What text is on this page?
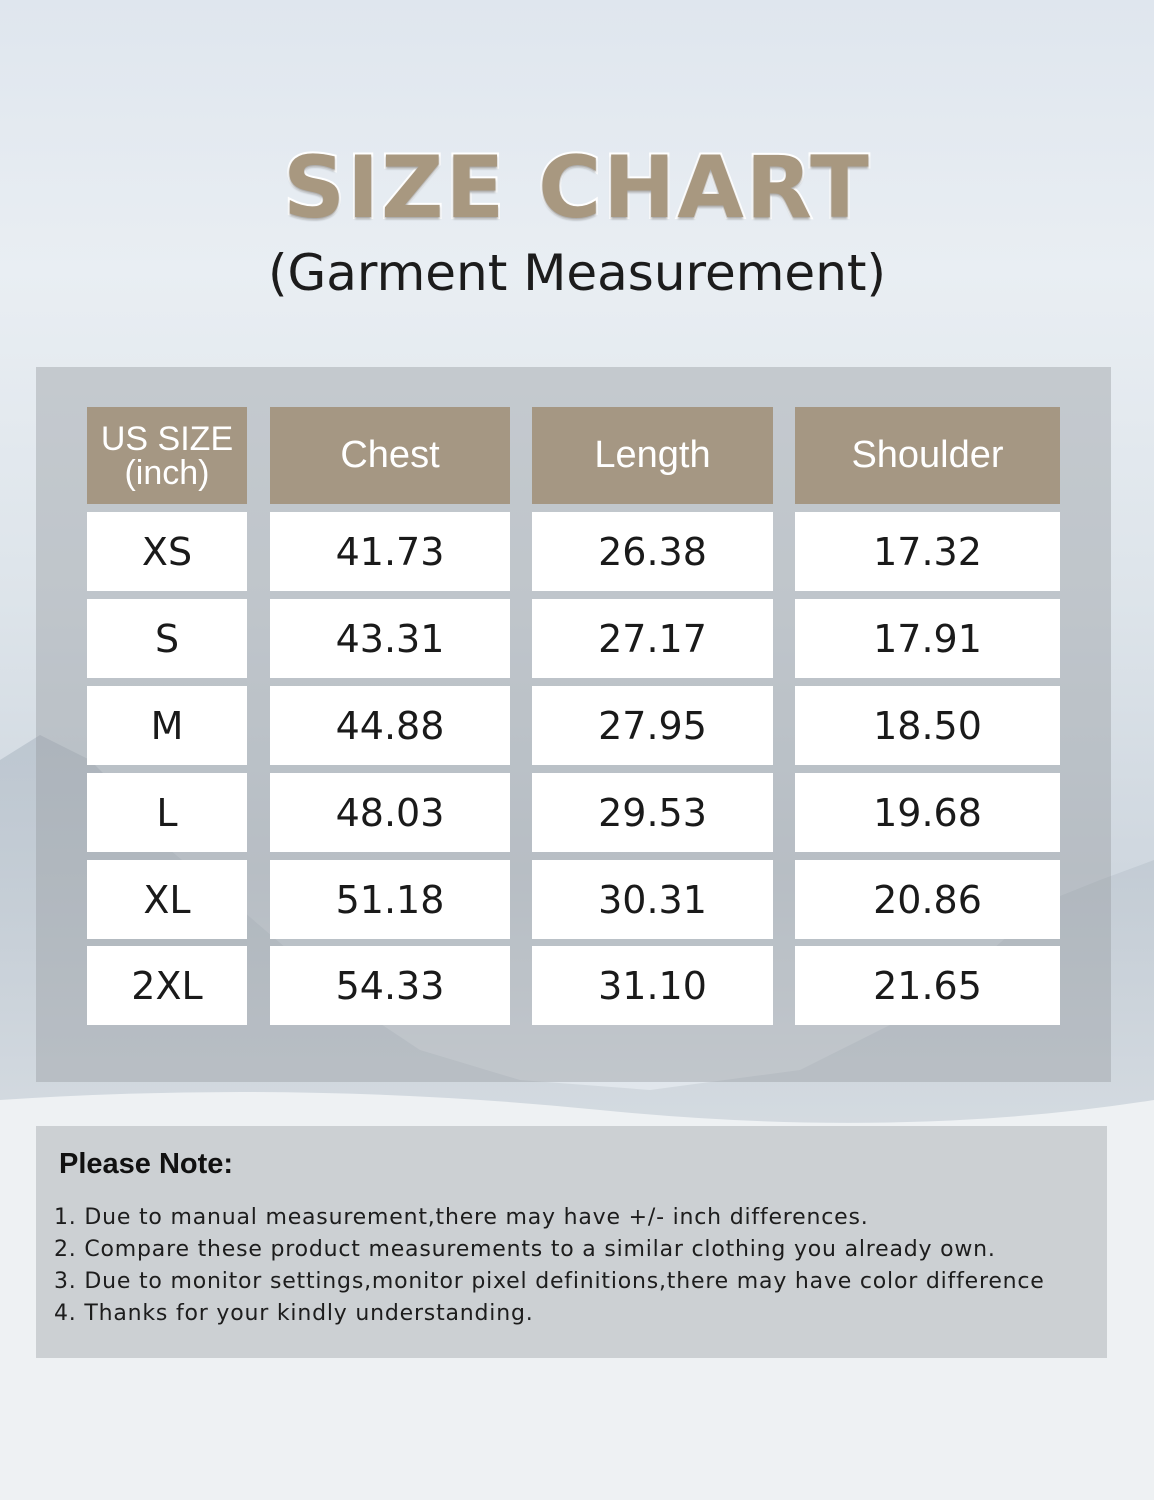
SIZE CHART
(Garment Measurement)
US SIZE
(inch)	Chest	Length	Shoulder
XS	41.73	26.38	17.32
S	43.31	27.17	17.91
M	44.88	27.95	18.50
L	48.03	29.53	19.68
XL	51.18	30.31	20.86
2XL	54.33	31.10	21.65
Please Note:
1. Due to manual measurement,there may have +/- inch differences.
2. Compare these product measurements to a similar clothing you already own.
3. Due to monitor settings,monitor pixel definitions,there may have color difference
4. Thanks for your kindly understanding.
